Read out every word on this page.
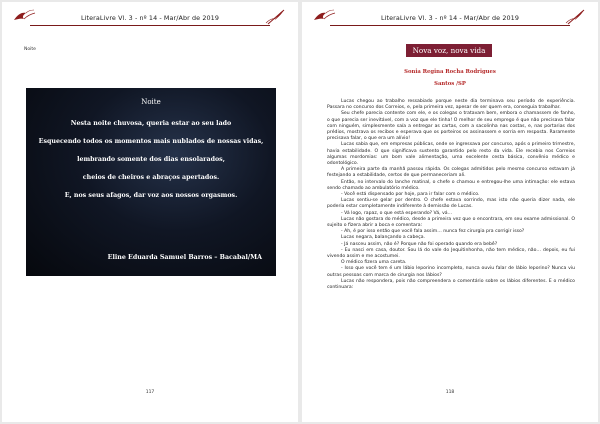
LiteraLivre Vl. 3 - nº 14 - Mar/Abr de 2019
Noite
Noite
Nesta noite chuvosa, queria estar ao seu lado
Esquecendo todos os momentos mais nublados de nossas vidas,
lembrando somente dos dias ensolarados,
cheios de cheiros e abraços apertados.
E, nos seus afagos, dar voz aos nossos orgasmos.
Eline Eduarda Samuel Barros – Bacabal/MA
117
LiteraLivre Vl. 3 - nº 14 - Mar/Abr de 2019
Nova voz, nova vida
Sonia Regina Rocha Rodrigues
Santos /SP

Lucas chegou ao trabalho ressabiado porque neste dia terminava seu período de experiência. Passara no concurso dos Correios, e, pela primeira vez, apesar de ser quem era, conseguia trabalhar.

Seu chefe parecia contente com ele, e os colegas o tratavam bem, embora o chamassem de fanho, o que parecia ser inevitável, com a voz que ele tinha! O melhor de seu emprego é que não precisava falar com ninguém, simplesmente saía a entregar as cartas, com a sacolinha nas costas, e, nas portarias dos prédios, mostrava os recibos e esperava que os porteiros os assinassem e sorria em resposta. Raramente precisava falar, o que era um alívio!

Lucas sabia que, em empresas públicas, onde se ingressava por concurso, após o primeiro trimestre, havia estabilidade. O que significava sustento garantido pelo resto da vida. Ele recebia nos Correios algumas mordomias: um bom vale alimentação, uma excelente cesta básica, convênio médico e odontológico.

A primeira parte da manhã passou rápida. Os colegas admitidos pelo mesmo concurso estavam já festejando a estabilidade, certos de que permaneceriam ali.

Então, no intervalo do lanche matinal, o chefe o chamou e entregou-lhe uma intimação: ele estava sendo chamado ao ambulatório médico.

- Você está dispensado por hoje, para ir falar com o médico.

Lucas sentiu-se gelar por dentro. O chefe estava sorrindo, mas isto não queria dizer nada, ele poderia estar completamente indiferente à demissão de Lucas.

- Vá logo, rapaz, o que está esperando? Vá, vá...

Lucas não gostara do médico, desde a primeira vez que o encontrara, em seu exame admissional. O sujeito o fizera abrir a boca e comentara:

- Ah, é por isso então que você fala assim… nunca fez cirurgia pra corrigir isso?

Lucas negara, balançando a cabeça.

- Já nasceu assim, não é? Porque não foi operado quando era bebê?

- Eu nasci em casa, doutor. Sou lá do vale do Jequitinhonha, não tem médico, não… depois, eu fui vivendo assim e me acostumei.

O médico fizera uma careta.

- Isso que você tem é um lábio leporino incompleto, nunca ouviu falar de lábio leporino? Nunca viu outras pessoas com marca de cirurgia nos lábios?

Lucas não respondera, pois não compreendera o comentário sobre os lábios diferentes. E o médico continuara:

118
